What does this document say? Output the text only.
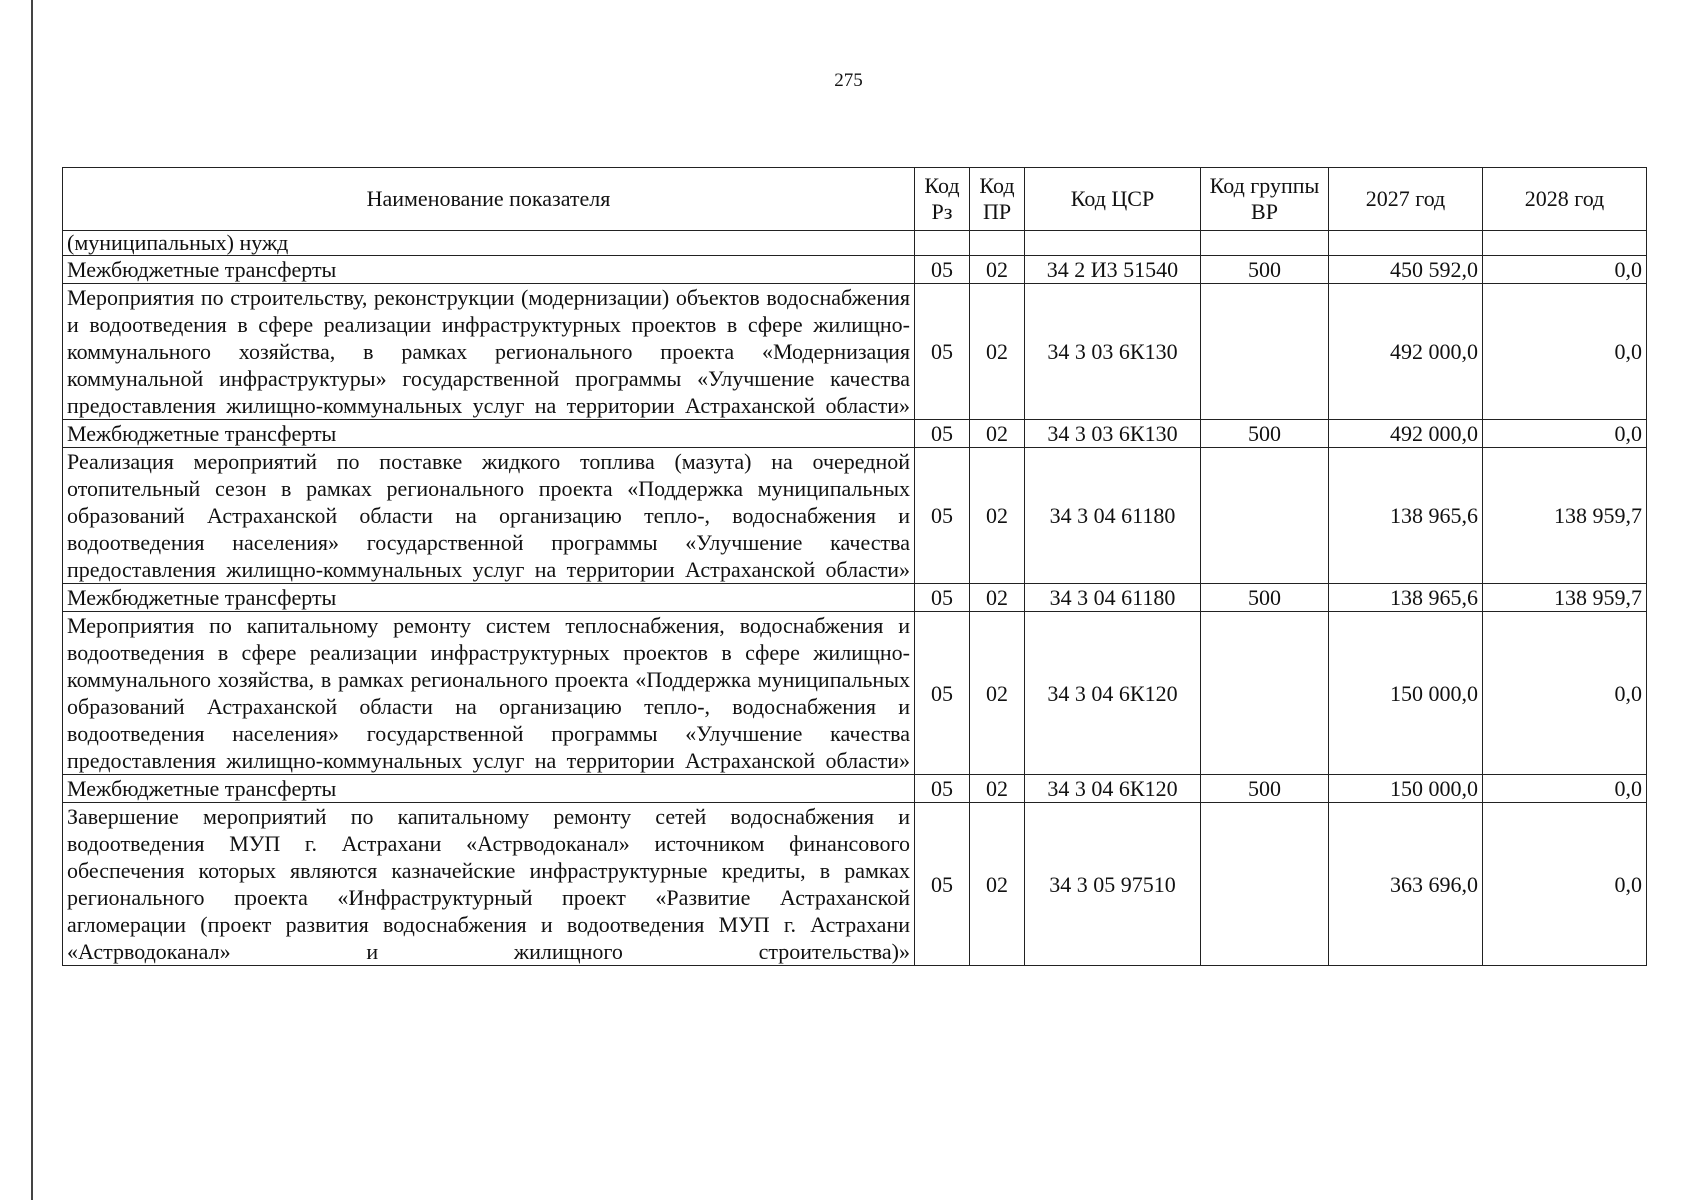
275
Наименование показателя	Код Рз	Код ПР	Код ЦСР	Код группы ВР	2027 год	2028 год
(муниципальных) нужд						
Межбюджетные трансферты	05	02	34 2 И3 51540	500	450 592,0	0,0
Мероприятия по строительству, реконструкции (модернизации) объектов водоснабжения и водоотведения в сфере реализации инфраструктурных проектов в сфере жилищно-коммунального хозяйства, в рамках регионального проекта «Модернизация коммунальной инфраструктуры» государственной программы «Улучшение качества предоставления жилищно-коммунальных услуг на территории Астраханской области»	05	02	34 3 03 6К130		492 000,0	0,0
Межбюджетные трансферты	05	02	34 3 03 6К130	500	492 000,0	0,0
Реализация мероприятий по поставке жидкого топлива (мазута) на очередной отопительный сезон в рамках регионального проекта «Поддержка муниципальных образований Астраханской области на организацию тепло-, водоснабжения и водоотведения населения» государственной программы «Улучшение качества предоставления жилищно-коммунальных услуг на территории Астраханской области»	05	02	34 3 04 61180		138 965,6	138 959,7
Межбюджетные трансферты	05	02	34 3 04 61180	500	138 965,6	138 959,7
Мероприятия по капитальному ремонту систем теплоснабжения, водоснабжения и водоотведения в сфере реализации инфраструктурных проектов в сфере жилищно-коммунального хозяйства, в рамках регионального проекта «Поддержка муниципальных образований Астраханской области на организацию тепло-, водоснабжения и водоотведения населения» государственной программы «Улучшение качества предоставления жилищно-коммунальных услуг на территории Астраханской области»	05	02	34 3 04 6К120		150 000,0	0,0
Межбюджетные трансферты	05	02	34 3 04 6К120	500	150 000,0	0,0
Завершение мероприятий по капитальному ремонту сетей водоснабжения и водоотведения МУП г. Астрахани «Астрводоканал» источником финансового обеспечения которых являются казначейские инфраструктурные кредиты, в рамках регионального проекта «Инфраструктурный проект «Развитие Астраханской агломерации (проект развития водоснабжения и водоотведения МУП г. Астрахани «Астрводоканал» и жилищного строительства)»	05	02	34 3 05 97510		363 696,0	0,0
